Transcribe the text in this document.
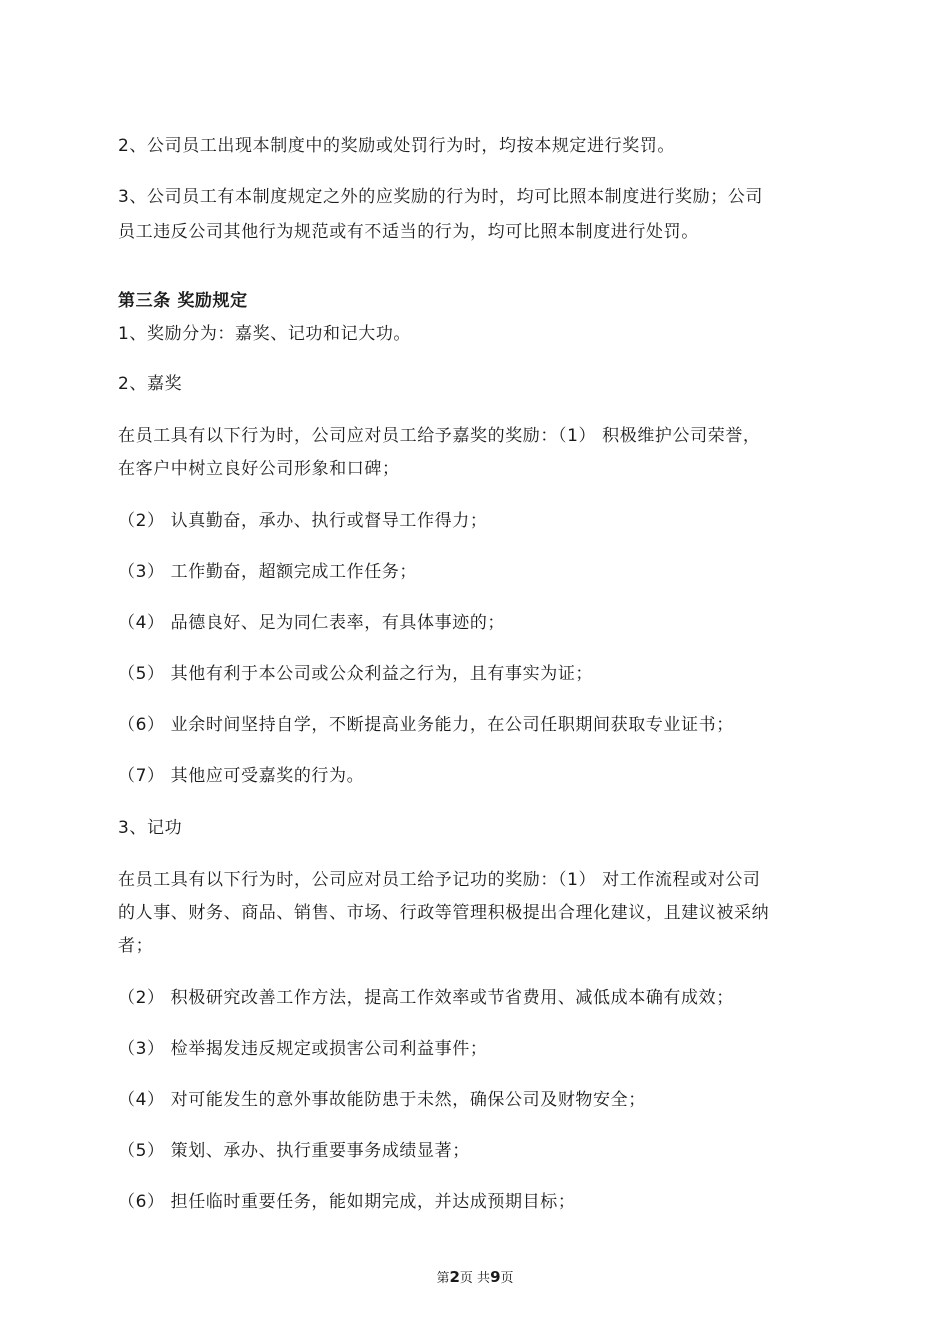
2、公司员工出现本制度中的奖励或处罚行为时，均按本规定进行奖罚。
3、公司员工有本制度规定之外的应奖励的行为时，均可比照本制度进行奖励；公司
员工违反公司其他行为规范或有不适当的行为，均可比照本制度进行处罚。
第三条 奖励规定
1、奖励分为：嘉奖、记功和记大功。
2、嘉奖
在员工具有以下行为时，公司应对员工给予嘉奖的奖励：（1） 积极维护公司荣誉，
在客户中树立良好公司形象和口碑；
（2） 认真勤奋，承办、执行或督导工作得力；
（3） 工作勤奋，超额完成工作任务；
（4） 品德良好、足为同仁表率，有具体事迹的；
（5） 其他有利于本公司或公众利益之行为，且有事实为证；
（6） 业余时间坚持自学，不断提高业务能力，在公司任职期间获取专业证书；
（7） 其他应可受嘉奖的行为。
3、记功
在员工具有以下行为时，公司应对员工给予记功的奖励：（1） 对工作流程或对公司
的人事、财务、商品、销售、市场、行政等管理积极提出合理化建议，且建议被采纳
者；
（2） 积极研究改善工作方法，提高工作效率或节省费用、减低成本确有成效；
（3） 检举揭发违反规定或损害公司利益事件；
（4） 对可能发生的意外事故能防患于未然，确保公司及财物安全；
（5） 策划、承办、执行重要事务成绩显著；
（6） 担任临时重要任务，能如期完成，并达成预期目标；
第2页 共9页
